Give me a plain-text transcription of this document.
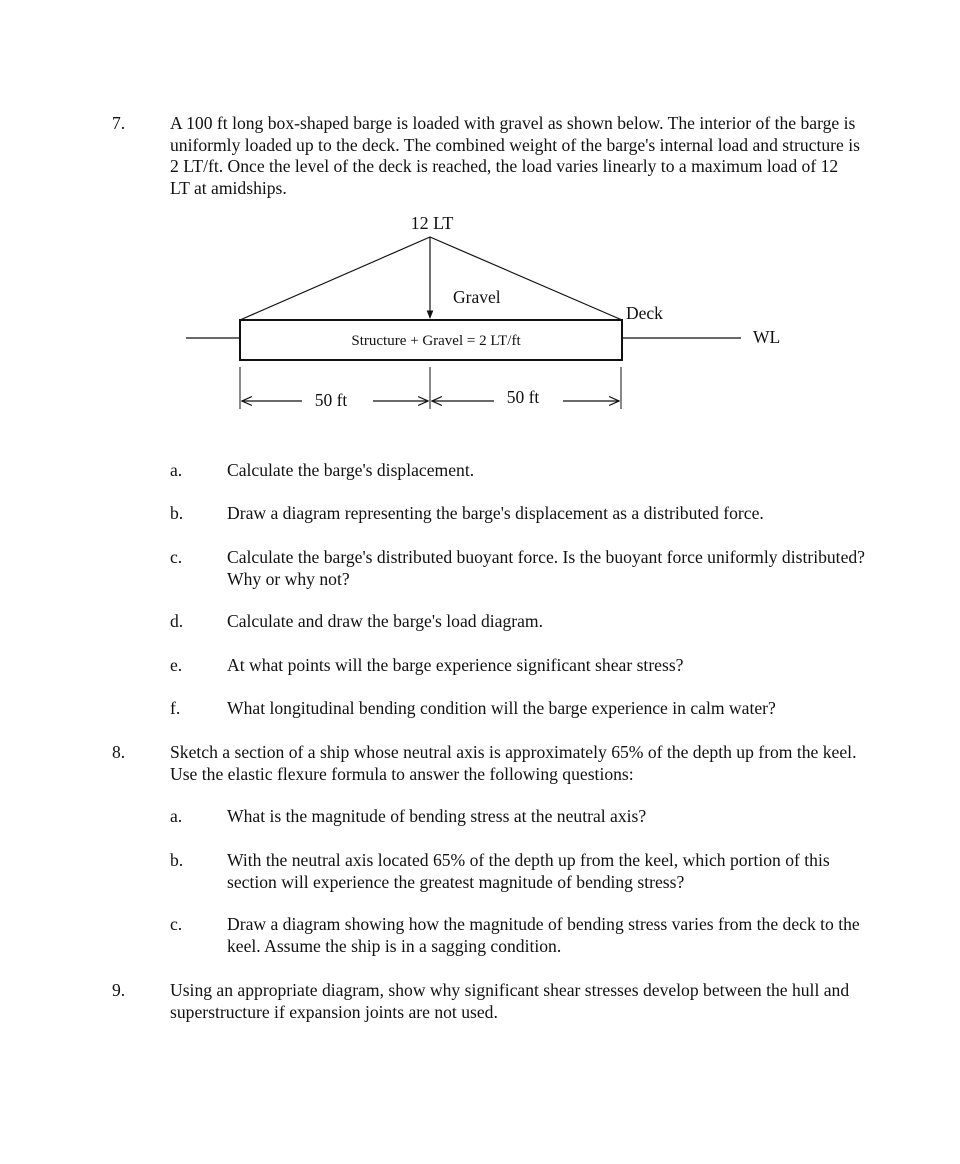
7.	A 100 ft long box-shaped barge is loaded with gravel as shown below. The interior of the barge is uniformly loaded up to the deck. The combined weight of the barge's internal load and structure is 2 LT/ft. Once the level of the deck is reached, the load varies linearly to a maximum load of 12 LT at amidships.
12 LT
Gravel
Deck
WL
Structure + Gravel = 2 LT/ft
50 ft	50 ft
a.	Calculate the barge's displacement.
b. Draw a diagram representing the barge's displacement as a distributed force.
c.	Calculate the barge's distributed buoyant force. Is the buoyant force uniformly distributed? Why or why not?
d. Calculate and draw the barge's load diagram.
e.	At what points will the barge experience significant shear stress?
f.	What longitudinal bending condition will the barge experience in calm water?
8.	Sketch a section of a ship whose neutral axis is approximately 65% of the depth up from the keel. Use the elastic flexure formula to answer the following questions:
a.	What is the magnitude of bending stress at the neutral axis?
b. With the neutral axis located 65% of the depth up from the keel, which portion of this section will experience the greatest magnitude of bending stress?
c.	Draw a diagram showing how the magnitude of bending stress varies from the deck to the keel. Assume the ship is in a sagging condition.
9.	Using an appropriate diagram, show why significant shear stresses develop between the hull and superstructure if expansion joints are not used.
